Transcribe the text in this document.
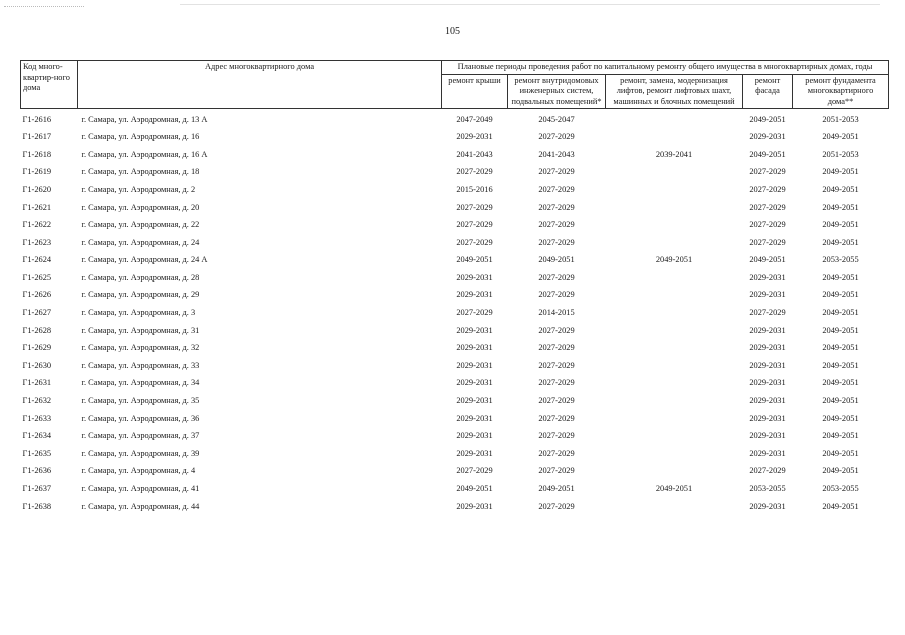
105
Код много-квартир-ного дома	Адрес многоквартирного дома	Плановые периоды проведения работ по капитальному ремонту общего имущества в многоквартирных домах, годы				
		ремонт крыши	ремонт внутридомовых инженерных систем, подвальных помещений*	ремонт, замена, модернизация лифтов, ремонт лифтовых шахт, машинных и блочных помещений	ремонт фасада	ремонт фундамента многоквартирного дома**
Г1-2616	г. Самара, ул. Аэродромная, д. 13 А	2047-2049	2045-2047		2049-2051	2051-2053
Г1-2617	г. Самара, ул. Аэродромная, д. 16	2029-2031	2027-2029		2029-2031	2049-2051
Г1-2618	г. Самара, ул. Аэродромная, д. 16 А	2041-2043	2041-2043	2039-2041	2049-2051	2051-2053
Г1-2619	г. Самара, ул. Аэродромная, д. 18	2027-2029	2027-2029		2027-2029	2049-2051
Г1-2620	г. Самара, ул. Аэродромная, д. 2	2015-2016	2027-2029		2027-2029	2049-2051
Г1-2621	г. Самара, ул. Аэродромная, д. 20	2027-2029	2027-2029		2027-2029	2049-2051
Г1-2622	г. Самара, ул. Аэродромная, д. 22	2027-2029	2027-2029		2027-2029	2049-2051
Г1-2623	г. Самара, ул. Аэродромная, д. 24	2027-2029	2027-2029		2027-2029	2049-2051
Г1-2624	г. Самара, ул. Аэродромная, д. 24 А	2049-2051	2049-2051	2049-2051	2049-2051	2053-2055
Г1-2625	г. Самара, ул. Аэродромная, д. 28	2029-2031	2027-2029		2029-2031	2049-2051
Г1-2626	г. Самара, ул. Аэродромная, д. 29	2029-2031	2027-2029		2029-2031	2049-2051
Г1-2627	г. Самара, ул. Аэродромная, д. 3	2027-2029	2014-2015		2027-2029	2049-2051
Г1-2628	г. Самара, ул. Аэродромная, д. 31	2029-2031	2027-2029		2029-2031	2049-2051
Г1-2629	г. Самара, ул. Аэродромная, д. 32	2029-2031	2027-2029		2029-2031	2049-2051
Г1-2630	г. Самара, ул. Аэродромная, д. 33	2029-2031	2027-2029		2029-2031	2049-2051
Г1-2631	г. Самара, ул. Аэродромная, д. 34	2029-2031	2027-2029		2029-2031	2049-2051
Г1-2632	г. Самара, ул. Аэродромная, д. 35	2029-2031	2027-2029		2029-2031	2049-2051
Г1-2633	г. Самара, ул. Аэродромная, д. 36	2029-2031	2027-2029		2029-2031	2049-2051
Г1-2634	г. Самара, ул. Аэродромная, д. 37	2029-2031	2027-2029		2029-2031	2049-2051
Г1-2635	г. Самара, ул. Аэродромная, д. 39	2029-2031	2027-2029		2029-2031	2049-2051
Г1-2636	г. Самара, ул. Аэродромная, д. 4	2027-2029	2027-2029		2027-2029	2049-2051
Г1-2637	г. Самара, ул. Аэродромная, д. 41	2049-2051	2049-2051	2049-2051	2053-2055	2053-2055
Г1-2638	г. Самара, ул. Аэродромная, д. 44	2029-2031	2027-2029		2029-2031	2049-2051
